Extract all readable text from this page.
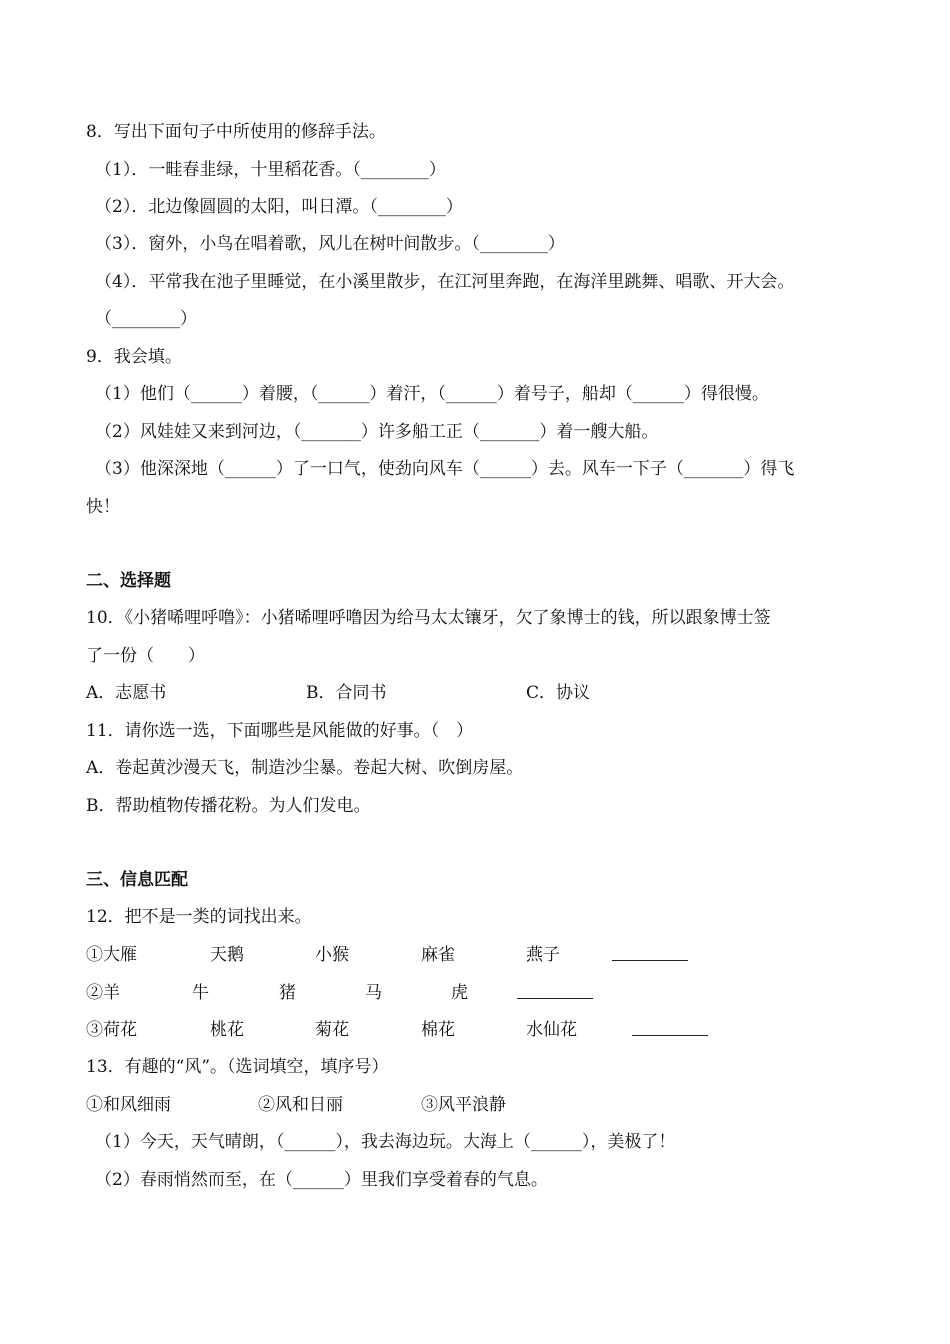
8．写出下面句子中所使用的修辞手法。
（1）．一畦春韭绿，十里稻花香。（________）
（2）．北边像圆圆的太阳，叫日潭。（________）
（3）．窗外，小鸟在唱着歌，风儿在树叶间散步。（________）
（4）．平常我在池子里睡觉，在小溪里散步，在江河里奔跑，在海洋里跳舞、唱歌、开大会。
（________）
9．我会填。
（1）他们（______）着腰，（______）着汗，（______）着号子，船却（______）得很慢。
（2）风娃娃又来到河边，（_______）许多船工正（_______）着一艘大船。
（3）他深深地（______）了一口气，使劲向风车（______）去。风车一下子（_______）得飞
快！
二、选择题
10．《小猪唏哩呼噜》：小猪唏哩呼噜因为给马太太镶牙，欠了象博士的钱，所以跟象博士签
了一份（　　）
A．志愿书	B．合同书	C．协议
11．请你选一选，下面哪些是风能做的好事。（　）
A．卷起黄沙漫天飞，制造沙尘暴。卷起大树、吹倒房屋。
B．帮助植物传播花粉。为人们发电。
三、信息匹配
12．把不是一类的词找出来。
①大雁	天鹅	小猴	麻雀	燕子
②羊	牛	猪	马	虎
③荷花	桃花	菊花	棉花	水仙花
13．有趣的“风”。（选词填空，填序号）
①和风细雨	②风和日丽	③风平浪静
（1）今天，天气晴朗，（______），我去海边玩。大海上（______），美极了！
（2）春雨悄然而至，在（______）里我们享受着春的气息。
